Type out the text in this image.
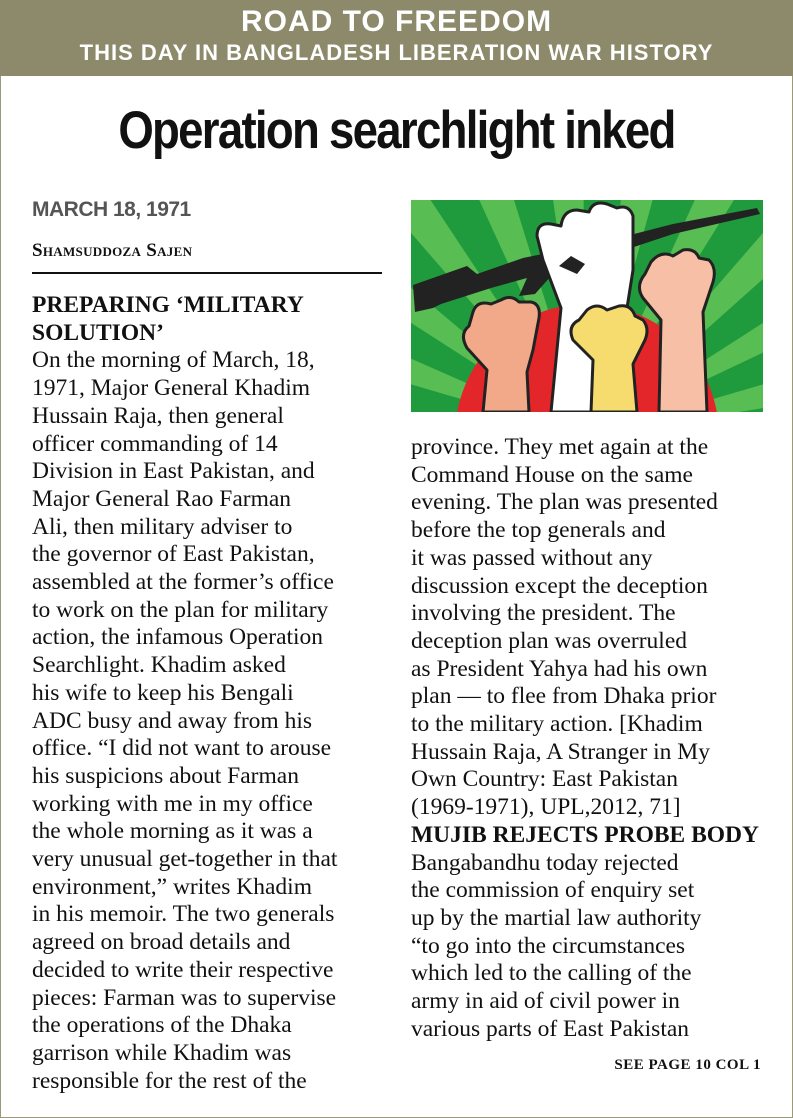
ROAD TO FREEDOM
THIS DAY IN BANGLADESH LIBERATION WAR HISTORY
Operation searchlight inked
MARCH 18, 1971
Shamsuddoza Sajen

PREPARING ‘MILITARY SOLUTION’

On the morning of March, 18,
1971, Major General Khadim
Hussain Raja, then general
officer commanding of 14
Division in East Pakistan, and
Major General Rao Farman
Ali, then military adviser to
the governor of East Pakistan,
assembled at the former’s office
to work on the plan for military
action, the infamous Operation
Searchlight. Khadim asked
his wife to keep his Bengali
ADC busy and away from his
office. “I did not want to arouse
his suspicions about Farman
working with me in my office
the whole morning as it was a
very unusual get-together in that
environment,” writes Khadim
in his memoir. The two generals
agreed on broad details and
decided to write their respective
pieces: Farman was to supervise
the operations of the Dhaka
garrison while Khadim was
responsible for the rest of the
province. They met again at the
Command House on the same
evening. The plan was presented
before the top generals and
it was passed without any
discussion except the deception
involving the president. The
deception plan was overruled
as President Yahya had his own
plan — to flee from Dhaka prior
to the military action. [Khadim
Hussain Raja, A Stranger in My
Own Country: East Pakistan
(1969-1971), UPL,2012, 71]

MUJIB REJECTS PROBE BODY

Bangabandhu today rejected
the commission of enquiry set
up by the martial law authority
“to go into the circumstances
which led to the calling of the
army in aid of civil power in
various parts of East Pakistan
SEE PAGE 10 COL 1
